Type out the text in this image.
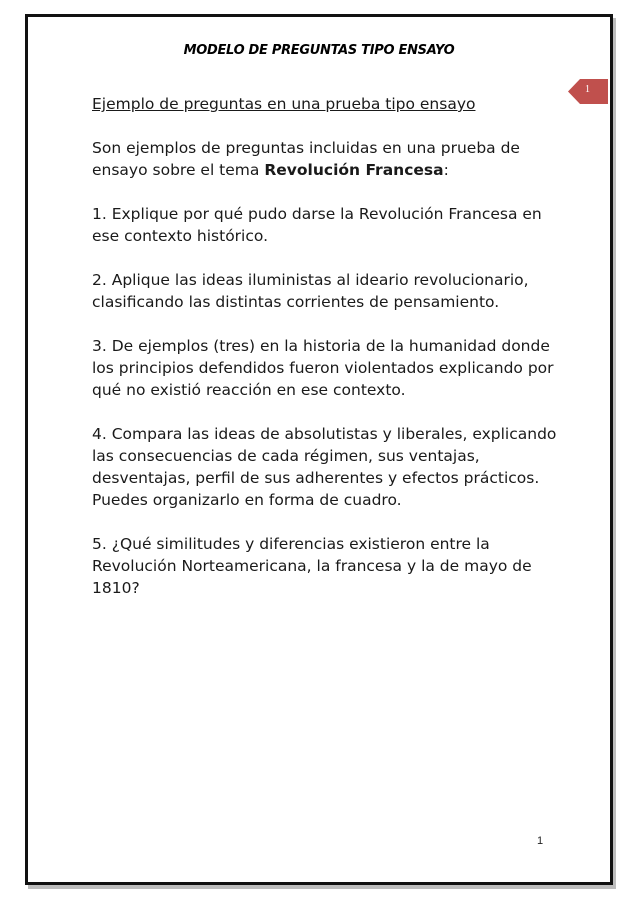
MODELO DE PREGUNTAS TIPO ENSAYO
1

Ejemplo de preguntas en una prueba tipo ensayo

Son ejemplos de preguntas incluidas en una prueba de ensayo sobre el tema Revolución Francesa:

1. Explique por qué pudo darse la Revolución Francesa en ese contexto histórico.

2. Aplique las ideas iluministas al ideario revolucionario, clasificando las distintas corrientes de pensamiento.

3. De ejemplos (tres) en la historia de la humanidad donde los principios defendidos fueron violentados explicando por qué no existió reacción en ese contexto.

4. Compara las ideas de absolutistas y liberales, explicando las consecuencias de cada régimen, sus ventajas, desventajas, perfil de sus adherentes y efectos prácticos. Puedes organizarlo en forma de cuadro.

5. ¿Qué similitudes y diferencias existieron entre la Revolución Norteamericana, la francesa y la de mayo de 1810?

1
